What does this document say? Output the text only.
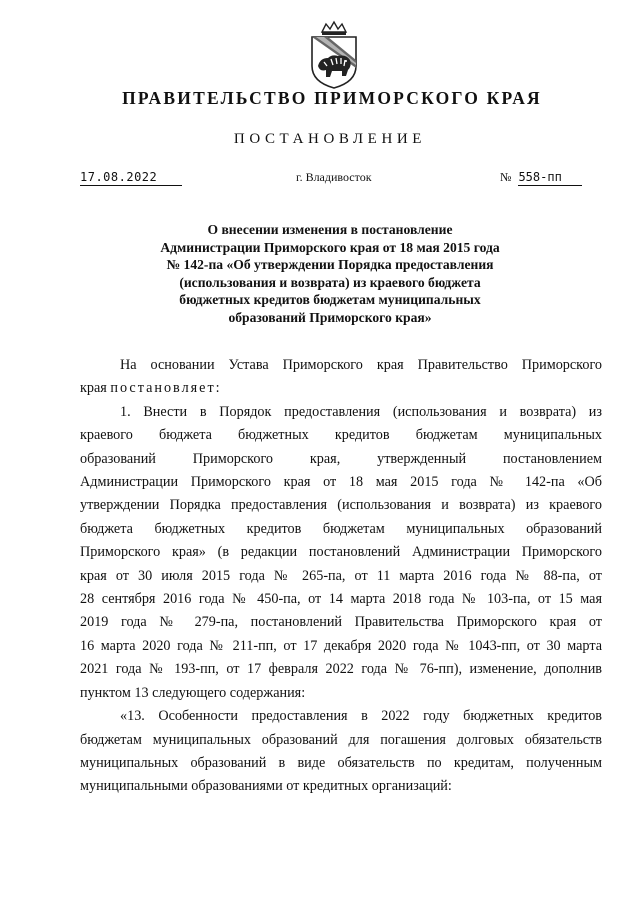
ПРАВИТЕЛЬСТВО ПРИМОРСКОГО КРАЯ
ПОСТАНОВЛЕНИЕ
17.08.2022	г. Владивосток	№ 558-пп
О внесении изменения в постановление
Администрации Приморского края от 18 мая 2015 года
№ 142-па «Об утверждении Порядка предоставления
(использования и возврата) из краевого бюджета
бюджетных кредитов бюджетам муниципальных
образований Приморского края»
На основании Устава Приморского края Правительство Приморского
края постановляет:
1. Внести в Порядок предоставления (использования и возврата) из
краевого бюджета бюджетных кредитов бюджетам муниципальных
образований Приморского края, утвержденный постановлением
Администрации Приморского края от 18 мая 2015 года № 142-па «Об
утверждении Порядка предоставления (использования и возврата) из краевого
бюджета бюджетных кредитов бюджетам муниципальных образований
Приморского края» (в редакции постановлений Администрации Приморского
края от 30 июля 2015 года № 265-па, от 11 марта 2016 года № 88-па, от
28 сентября 2016 года № 450-па, от 14 марта 2018 года № 103-па, от 15 мая
2019 года № 279-па, постановлений Правительства Приморского края от
16 марта 2020 года № 211-пп, от 17 декабря 2020 года № 1043-пп, от 30 марта
2021 года № 193-пп, от 17 февраля 2022 года № 76-пп), изменение, дополнив
пунктом 13 следующего содержания:
«13. Особенности предоставления в 2022 году бюджетных кредитов
бюджетам муниципальных образований для погашения долговых обязательств
муниципальных образований в виде обязательств по кредитам, полученным
муниципальными образованиями от кредитных организаций:
